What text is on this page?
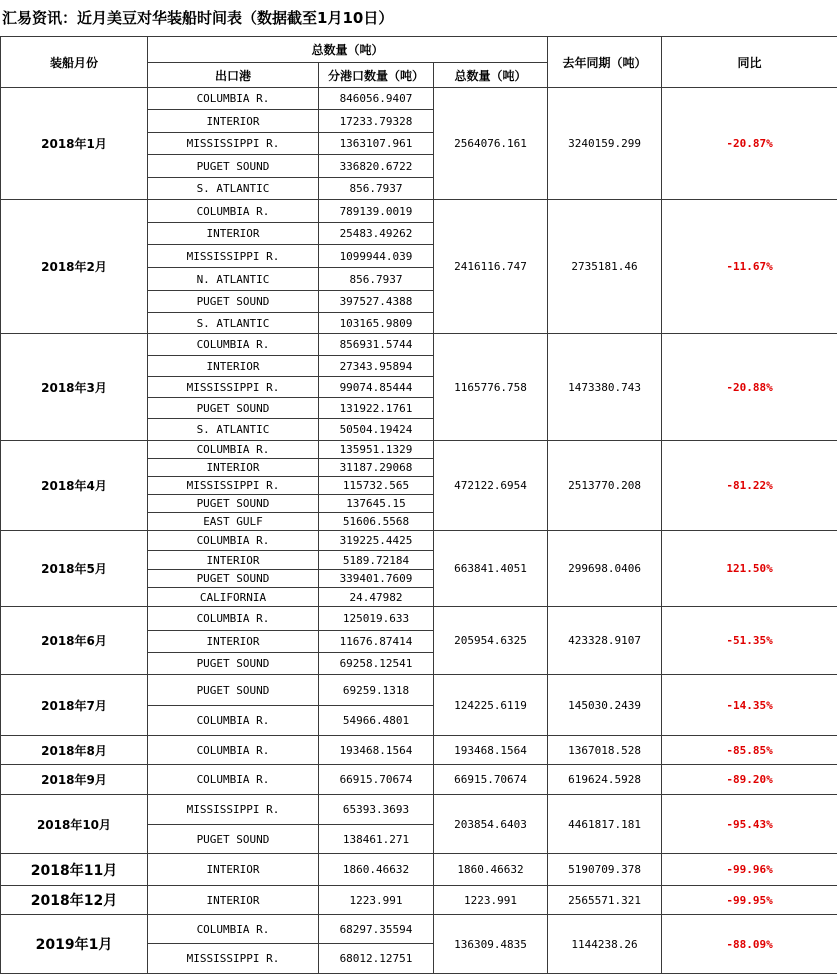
汇易资讯：近月美豆对华装船时间表（数据截至1月10日）
装船月份	总数量（吨）			去年同期（吨）	同比
	出口港	分港口数量（吨）	总数量（吨）		
2018年1月	COLUMBIA R.	846056.9407	2564076.161	3240159.299	-20.87%
	INTERIOR	17233.79328			
	MISSISSIPPI R.	1363107.961			
	PUGET SOUND	336820.6722			
	S. ATLANTIC	856.7937			
2018年2月	COLUMBIA R.	789139.0019	2416116.747	2735181.46	-11.67%
	INTERIOR	25483.49262			
	MISSISSIPPI R.	1099944.039			
	N. ATLANTIC	856.7937			
	PUGET SOUND	397527.4388			
	S. ATLANTIC	103165.9809			
2018年3月	COLUMBIA R.	856931.5744	1165776.758	1473380.743	-20.88%
	INTERIOR	27343.95894			
	MISSISSIPPI R.	99074.85444			
	PUGET SOUND	131922.1761			
	S. ATLANTIC	50504.19424			
2018年4月	COLUMBIA R.	135951.1329	472122.6954	2513770.208	-81.22%
	INTERIOR	31187.29068			
	MISSISSIPPI R.	115732.565			
	PUGET SOUND	137645.15			
	EAST GULF	51606.5568			
2018年5月	COLUMBIA R.	319225.4425	663841.4051	299698.0406	121.50%
	INTERIOR	5189.72184			
	PUGET SOUND	339401.7609			
	CALIFORNIA	24.47982			
2018年6月	COLUMBIA R.	125019.633	205954.6325	423328.9107	-51.35%
	INTERIOR	11676.87414			
	PUGET SOUND	69258.12541			
2018年7月	PUGET SOUND	69259.1318	124225.6119	145030.2439	-14.35%
	COLUMBIA R.	54966.4801			
2018年8月	COLUMBIA R.	193468.1564	193468.1564	1367018.528	-85.85%
2018年9月	COLUMBIA R.	66915.70674	66915.70674	619624.5928	-89.20%
2018年10月	MISSISSIPPI R.	65393.3693	203854.6403	4461817.181	-95.43%
	PUGET SOUND	138461.271			
2018年11月	INTERIOR	1860.46632	1860.46632	5190709.378	-99.96%
2018年12月	INTERIOR	1223.991	1223.991	2565571.321	-99.95%
2019年1月	COLUMBIA R.	68297.35594	136309.4835	1144238.26	-88.09%
	MISSISSIPPI R.	68012.12751			
